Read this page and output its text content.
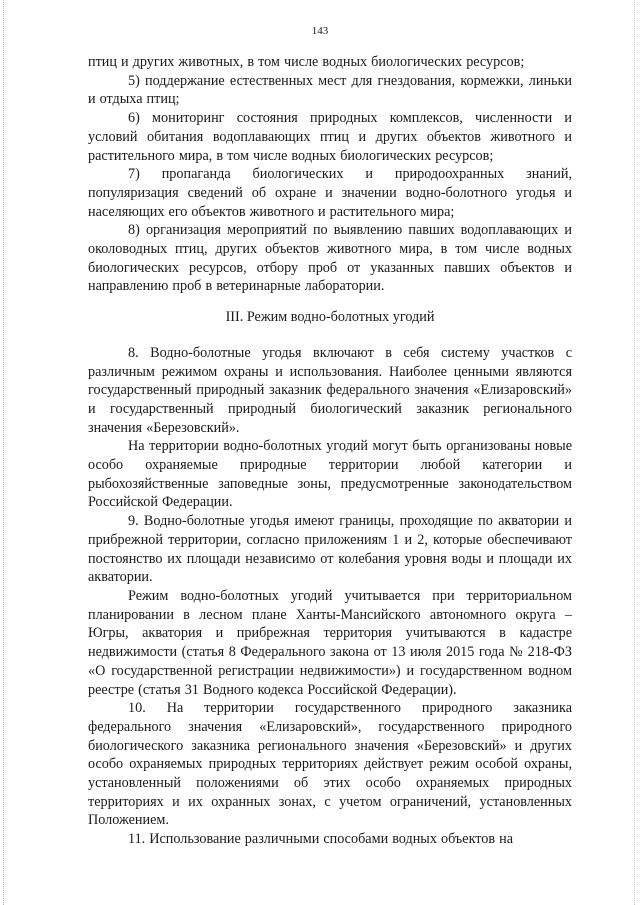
143

птиц и других животных, в том числе водных биологических ресурсов;

5) поддержание естественных мест для гнездования, кормежки, линьки и отдыха птиц;

6) мониторинг состояния природных комплексов, численности и условий обитания водоплавающих птиц и других объектов животного и растительного мира, в том числе водных биологических ресурсов;

7) пропаганда биологических и природоохранных знаний, популяризация сведений об охране и значении водно-болотного угодья и населяющих его объектов животного и растительного мира;

8) организация мероприятий по выявлению павших водоплавающих и околоводных птиц, других объектов животного мира, в том числе водных биологических ресурсов, отбору проб от указанных павших объектов и направлению проб в ветеринарные лаборатории.

III. Режим водно-болотных угодий

8. Водно-болотные угодья включают в себя систему участков с различным режимом охраны и использования. Наиболее ценными являются государственный природный заказник федерального значения «Елизаровский» и государственный природный биологический заказник регионального значения «Березовский».

На территории водно-болотных угодий могут быть организованы новые особо охраняемые природные территории любой категории и рыбохозяйственные заповедные зоны, предусмотренные законодательством Российской Федерации.

9. Водно-болотные угодья имеют границы, проходящие по акватории и прибрежной территории, согласно приложениям 1 и 2, которые обеспечивают постоянство их площади независимо от колебания уровня воды и площади их акватории.

Режим водно-болотных угодий учитывается при территориальном планировании в лесном плане Ханты-Мансийского автономного округа – Югры, акватория и прибрежная территория учитываются в кадастре недвижимости (статья 8 Федерального закона от 13 июля 2015 года № 218-ФЗ «О государственной регистрации недвижимости») и государственном водном реестре (статья 31 Водного кодекса Российской Федерации).

10. На территории государственного природного заказника федерального значения «Елизаровский», государственного природного биологического заказника регионального значения «Березовский» и других особо охраняемых природных территориях действует режим особой охраны, установленный положениями об этих особо охраняемых природных территориях и их охранных зонах, с учетом ограничений, установленных Положением.

11. Использование различными способами водных объектов на
